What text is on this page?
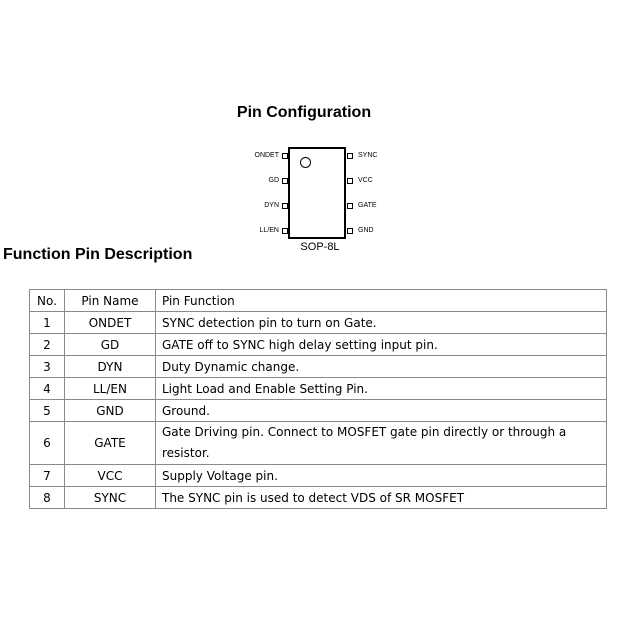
Pin Configuration
ONDET
GD
DYN
LL/EN
SYNC
VCC
GATE
GND
SOP-8L
Function Pin Description
No.	Pin Name	Pin Function
1	ONDET	SYNC detection pin to turn on Gate.
2	GD	GATE off to SYNC high delay setting input pin.
3	DYN	Duty Dynamic change.
4	LL/EN	Light Load and Enable Setting Pin.
5	GND	Ground.
6	GATE	Gate Driving pin. Connect to MOSFET gate pin directly or through a resistor.
7	VCC	Supply Voltage pin.
8	SYNC	The SYNC pin is used to detect VDS of SR MOSFET
